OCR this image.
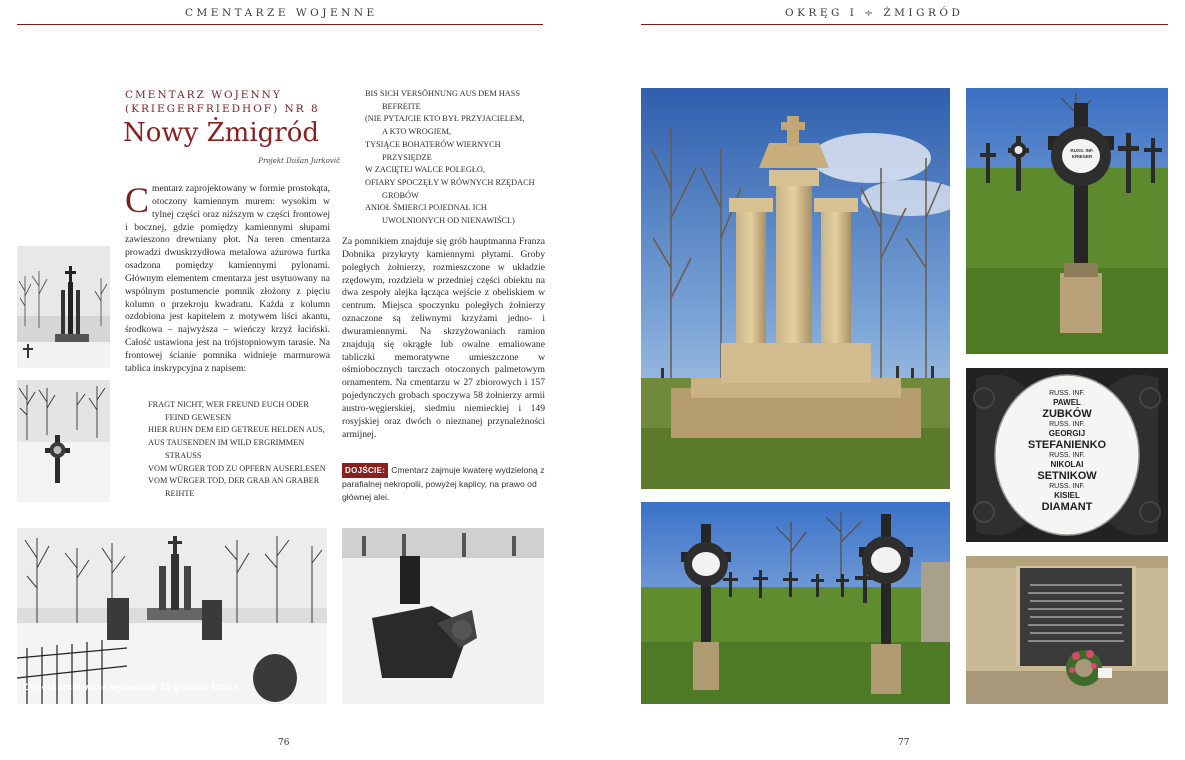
CMENTARZE WOJENNE	OKRĘG I ÷ ŻMIGRÓD
Zdjęcia archiwalne wykonano 31 grudnia 1986 r.
CMENTARZ WOJENNY (KRIEGERFRIEDHOF) NR 8
Nowy Żmigród
Projekt Dušan Jurkovič
Cmentarz zaprojektowany w formie prostokąta, otoczony kamiennym murem: wysokim w tylnej części oraz niższym w części frontowej i bocznej, gdzie pomiędzy kamiennymi słupami zawieszono drewniany płot. Na teren cmentarza prowadzi dwuskrzydłowa metalowa ażurowa furtka osadzona pomiędzy kamiennymi pylonami. Głównym elementem cmentarza jest usytuowany na wspólnym postumencie pomnik złożony z pięciu kolumn o przekroju kwadratu. Każda z kolumn ozdobiona jest kapitelem z motywem liści akantu, środkowa – najwyższa – wieńczy krzyż łaciński. Całość ustawiona jest na trójstopniowym tarasie. Na frontowej ścianie pomnika widnieje marmurowa tablica inskrypcyjna z napisem:
FRAGT NICHT, WER FREUND EUCH ODER
FEIND GEWESEN
HIER RUHN DEM EID GETREUE HELDEN AUS,
AUS TAUSENDEN IM WILD ERGRIMMEN
STRAUSS
VOM WÜRGER TOD ZU OPFERN AUSERLESEN
VOM WÜRGER TOD, DER GRAB AN GRABER
REIHTE
BIS SICH VERSÖHNUNG AUS DEM HASS
BEFREITE
(NIE PYTAJCIE KTO BYŁ PRZYJACIELEM,
A KTO WROGIEM,
TYSIĄCE BOHATERÓW WIERNYCH
PRZYSIĘDZE
W ZACIĘTEJ WALCE POLEGŁO,
OFIARY SPOCZĘŁY W RÓWNYCH RZĘDACH
GROBÓW
ANIOŁ ŚMIERCI POJEDNAŁ ICH
UWOLNIONYCH OD NIENAWIŚCI.)
Za pomnikiem znajduje się grób hauptmanna Franza Dobnika przykryty kamiennymi płytami. Groby poległych żołnierzy, rozmieszczone w układzie rzędowym, rozdziela w przedniej części obiektu na dwa zespoły alejka łącząca wejście z obeliskiem w centrum. Miejsca spoczynku poległych żołnierzy oznaczone są żeliwnymi krzyżami jedno- i dwuramiennymi. Na skrzyżowaniach ramion znajdują się okrągłe lub owalne emaliowane tabliczki memoratywne umieszczone w ośmiobocznych tarczach otoczonych palmetowym ornamentem. Na cmentarzu w 27 zbiorowych i 157 pojedynczych grobach spoczywa 58 żołnierzy armii austro-węgierskiej, siedmiu niemieckiej i 149 rosyjskiej oraz dwóch o nieznanej przynależności armijnej.
DOJŚCIE: Cmentarz zajmuje kwaterę wydzieloną z parafialnej nekropolii, powyżej kaplicy, na prawo od głównej alei.
76
RUSS. INF.
KRIEGER
RUSS. INF.
PAWEL
ZUBKÓW
RUSS. INF.
GEORGIJ
STEFANIENKO
RUSS. INF.
NIKOLAI
SETNIKOW
RUSS. INF.
KISIEL
DIAMANT
77
